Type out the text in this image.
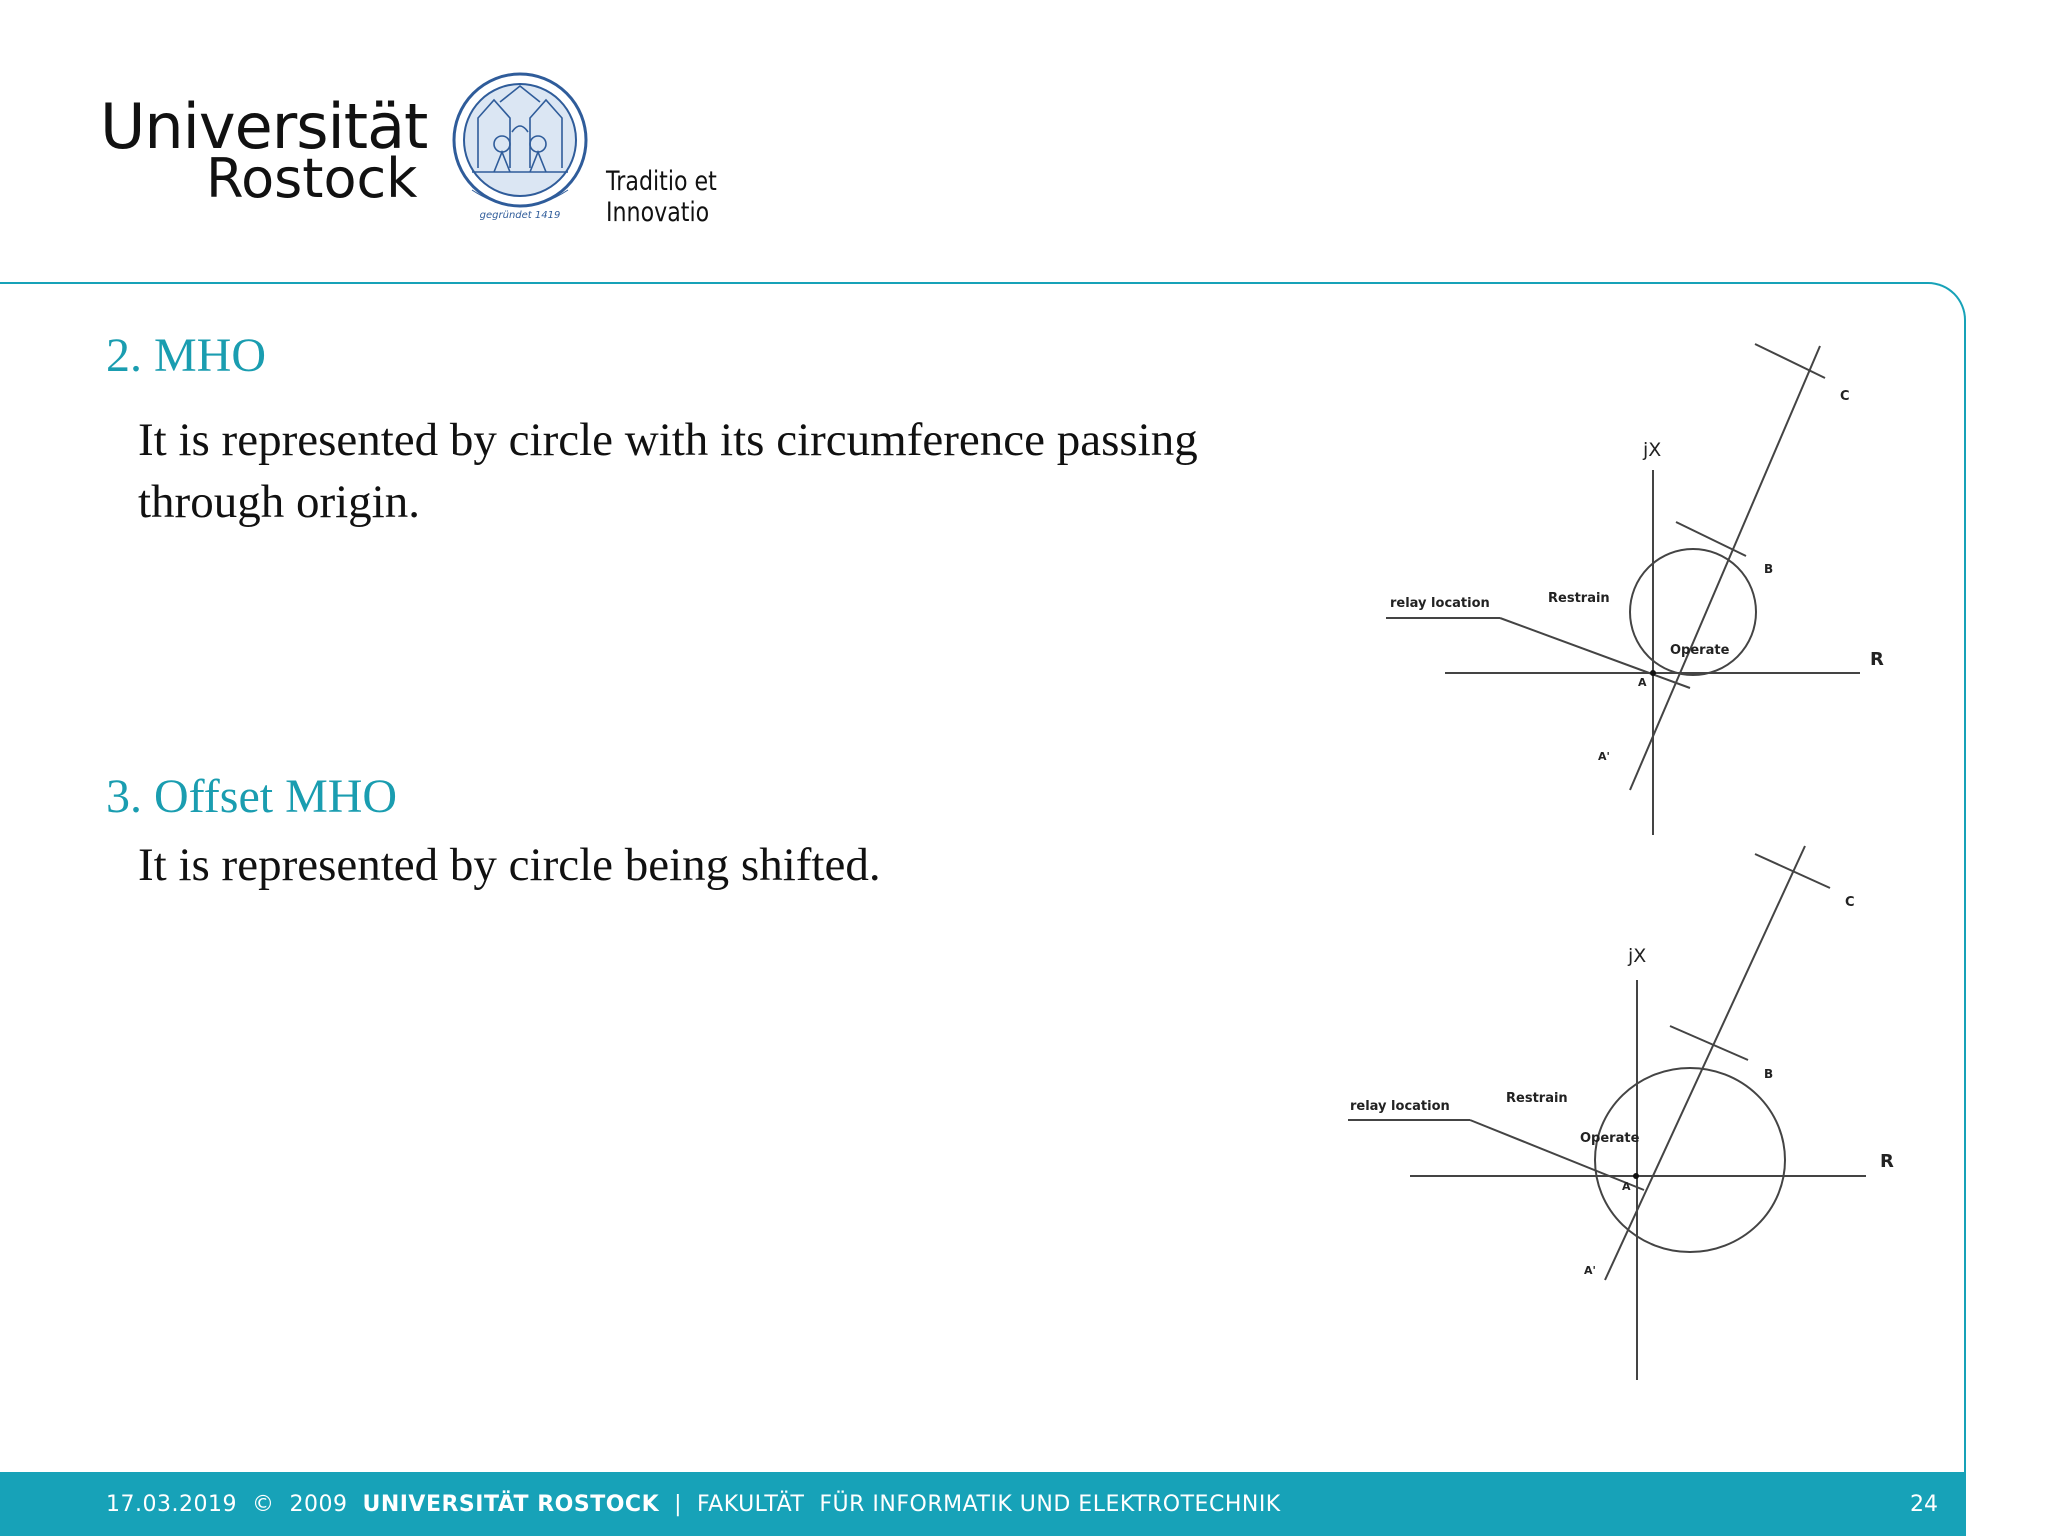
Universität
Rostock
gegründet 1419
Traditio et Innovatio
2. MHO
It is represented by circle with its circumference passing
through origin.
3. Offset MHO
It is represented by circle being shifted.
jX
R
C
B
A
A'
relay location	Restrain
Operate
jX
R
C
B
A
A'
relay location
Restrain
Operate
17.03.2019 ©  2009 UNIVERSITÄT ROSTOCK | FAKULTÄT  FÜR INFORMATIK UND ELEKTROTECHNIK	24
